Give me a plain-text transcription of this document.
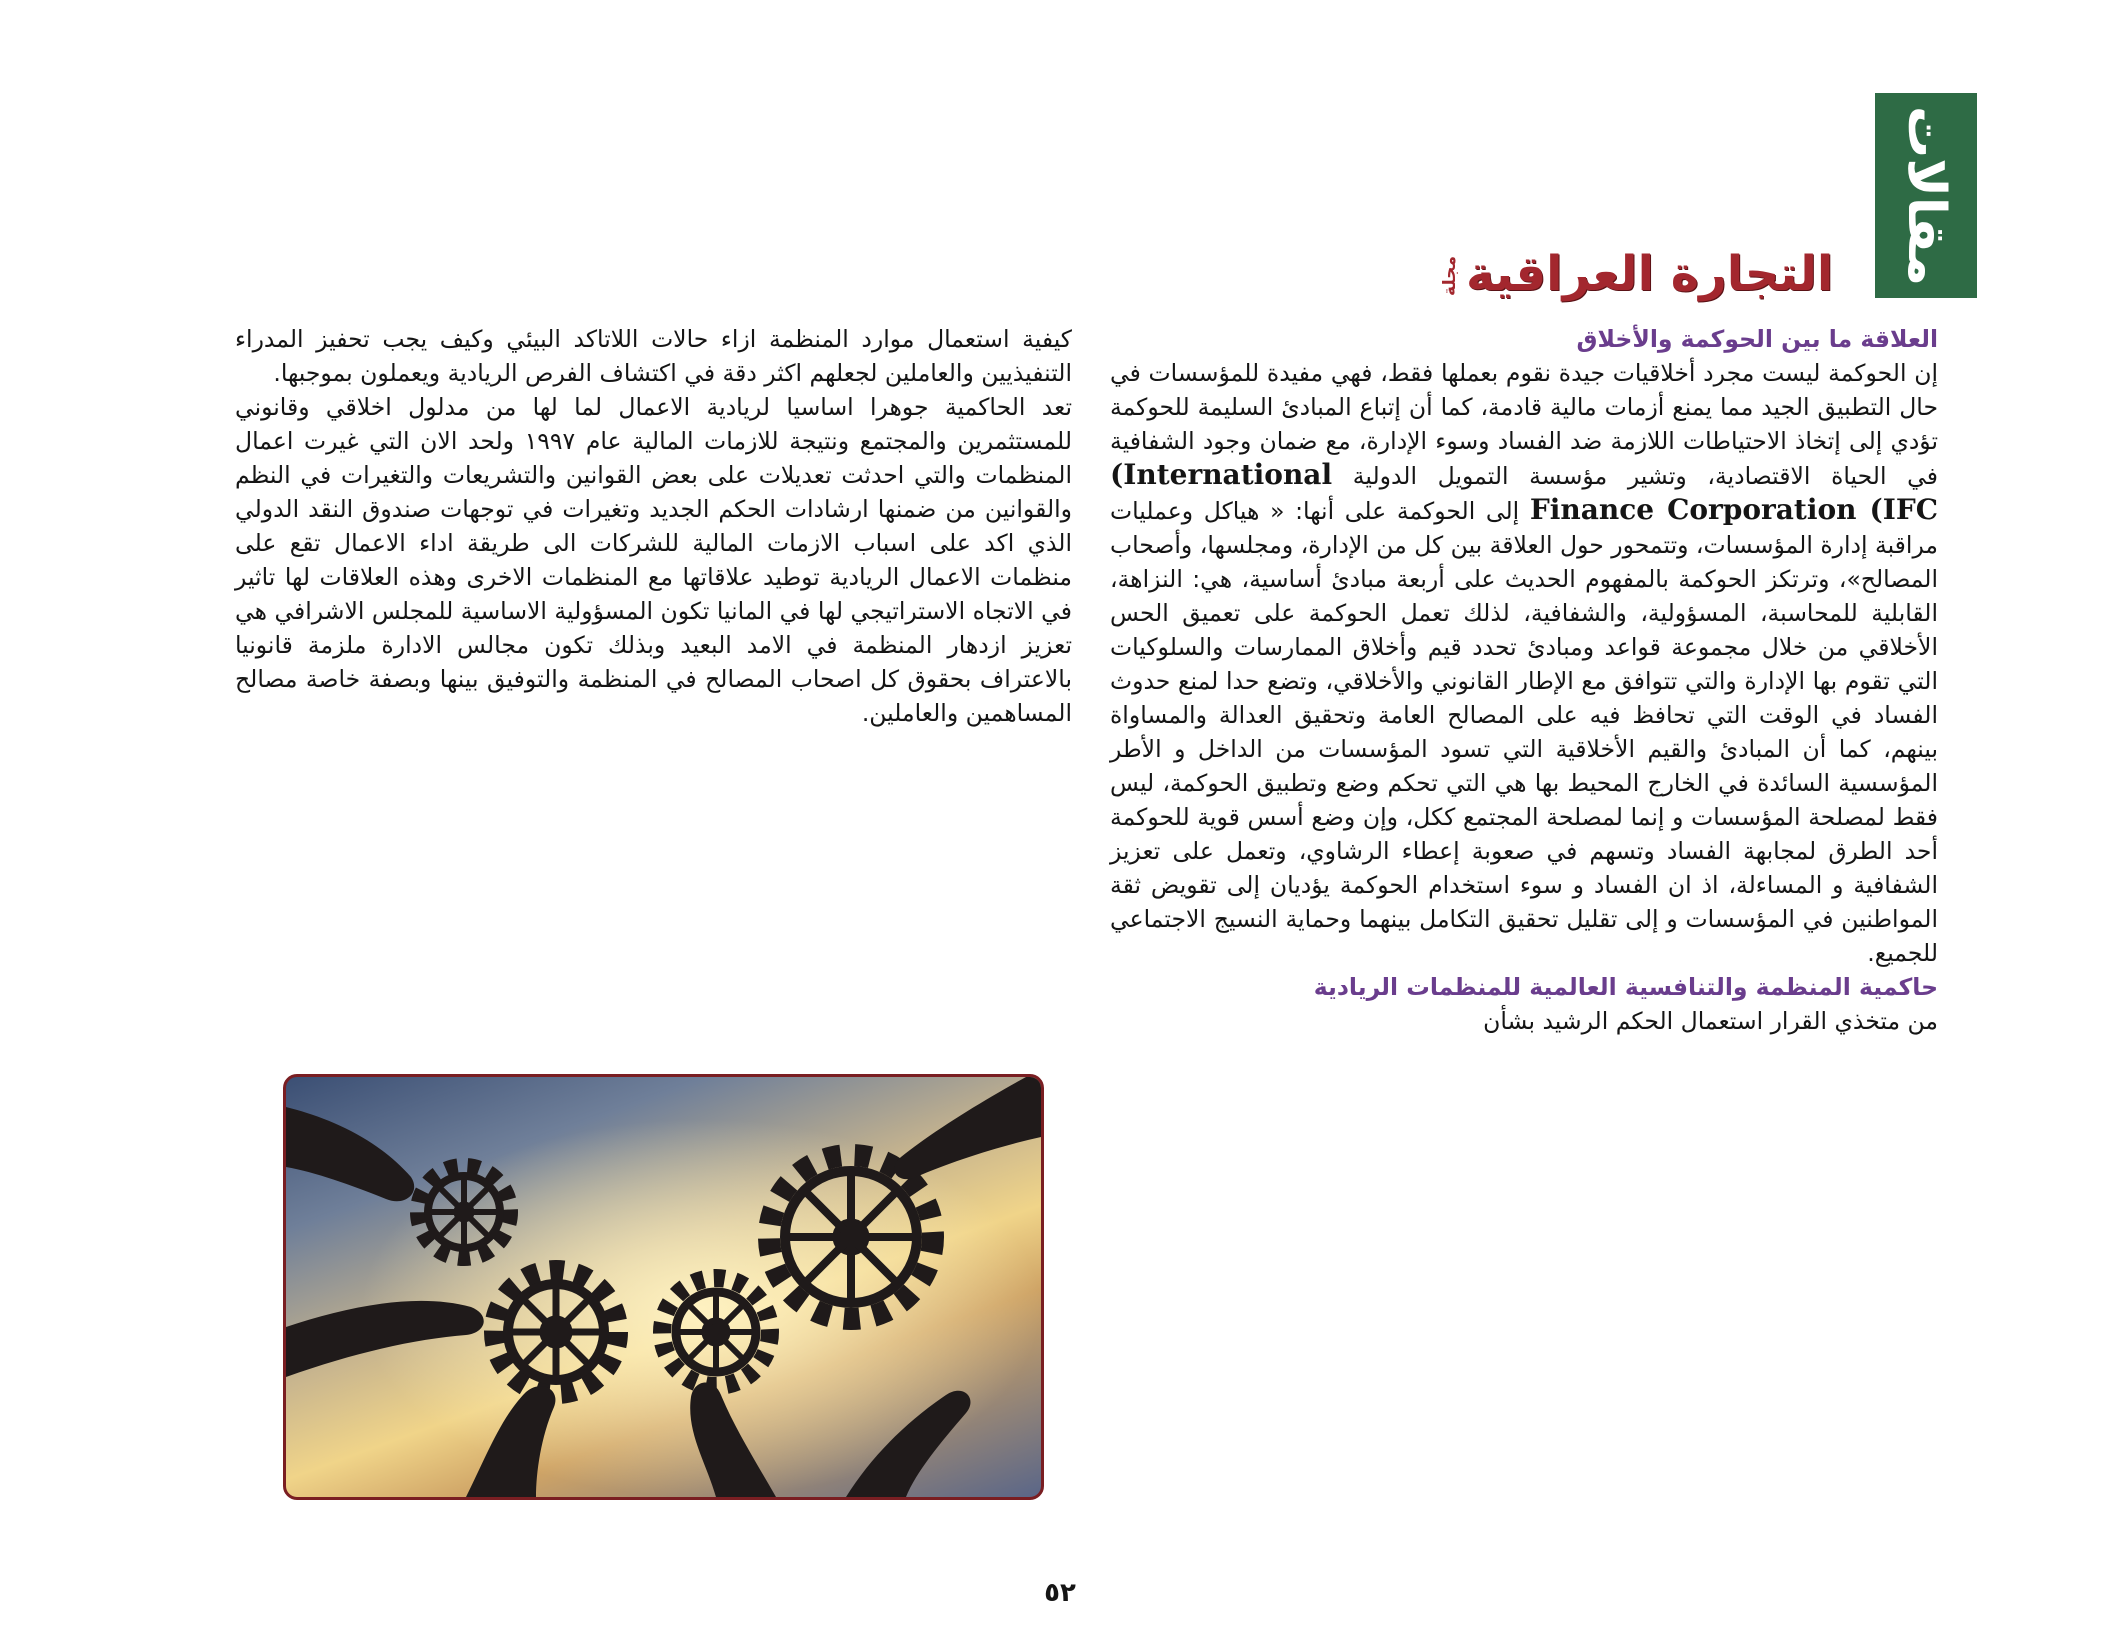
مقالات
التجارة العراقية
مجلة

العلاقة ما بين الحوكمة والأخلاق

إن الحوكمة ليست مجرد أخلاقيات جيدة نقوم بعملها فقط، فهي مفيدة للمؤسسات في حال التطبيق الجيد مما يمنع أزمات مالية قادمة، كما أن إتباع المبادئ السليمة للحوكمة تؤدي إلى إتخاذ الاحتياطات اللازمة ضد الفساد وسوء الإدارة، مع ضمان وجود الشفافية في الحياة الاقتصادية، وتشير مؤسسة التمويل الدولية (International Finance Corporation (IFC إلى الحوكمة على أنها: « هياكل وعمليات مراقبة إدارة المؤسسات، وتتمحور حول العلاقة بين كل من الإدارة، ومجلسها، وأصحاب المصالح»، وترتكز الحوكمة بالمفهوم الحديث على أربعة مبادئ أساسية، هي: النزاهة، القابلية للمحاسبة، المسؤولية، والشفافية، لذلك تعمل الحوكمة على تعميق الحس الأخلاقي من خلال مجموعة قواعد ومبادئ تحدد قيم وأخلاق الممارسات والسلوكيات التي تقوم بها الإدارة والتي تتوافق مع الإطار القانوني والأخلاقي، وتضع حدا لمنع حدوث الفساد في الوقت التي تحافظ فيه على المصالح العامة وتحقيق العدالة والمساواة بينهم، كما أن المبادئ والقيم الأخلاقية التي تسود المؤسسات من الداخل و الأطر المؤسسية السائدة في الخارج المحيط بها هي التي تحكم وضع وتطبيق الحوكمة، ليس فقط لمصلحة المؤسسات و إنما لمصلحة المجتمع ككل، وإن وضع أسس قوية للحوكمة أحد الطرق لمجابهة الفساد وتسهم في صعوبة إعطاء الرشاوي، وتعمل على تعزيز الشفافية و المساءلة، اذ ان الفساد و سوء استخدام الحوكمة يؤديان إلى تقويض ثقة المواطنين في المؤسسات و إلى تقليل تحقيق التكامل بينهما وحماية النسيج الاجتماعي للجميع.

حاكمية المنظمة والتنافسية العالمية للمنظمات الريادية

من متخذي القرار استعمال الحكم الرشيد بشأن

كيفية استعمال موارد المنظمة ازاء حالات اللاتاكد البيئي وكيف يجب تحفيز المدراء التنفيذيين والعاملين لجعلهم اكثر دقة في اكتشاف الفرص الريادية ويعملون بموجبها.

تعد الحاكمية جوهرا اساسيا لريادية الاعمال لما لها من مدلول اخلاقي وقانوني للمستثمرين والمجتمع ونتيجة للازمات المالية عام ١٩٩٧ ولحد الان التي غيرت اعمال المنظمات والتي احدثت تعديلات على بعض القوانين والتشريعات والتغيرات في النظم والقوانين من ضمنها ارشادات الحكم الجديد وتغيرات في توجهات صندوق النقد الدولي الذي اكد على اسباب الازمات المالية للشركات الى طريقة اداء الاعمال تقع على منظمات الاعمال الريادية توطيد علاقاتها مع المنظمات الاخرى وهذه العلاقات لها تاثير في الاتجاه الاستراتيجي لها في المانيا تكون المسؤولية الاساسية للمجلس الاشرافي هي تعزيز ازدهار المنظمة في الامد البعيد وبذلك تكون مجالس الادارة ملزمة قانونيا بالاعتراف بحقوق كل اصحاب المصالح في المنظمة والتوفيق بينها وبصفة خاصة مصالح المساهمين والعاملين.

٥٢
